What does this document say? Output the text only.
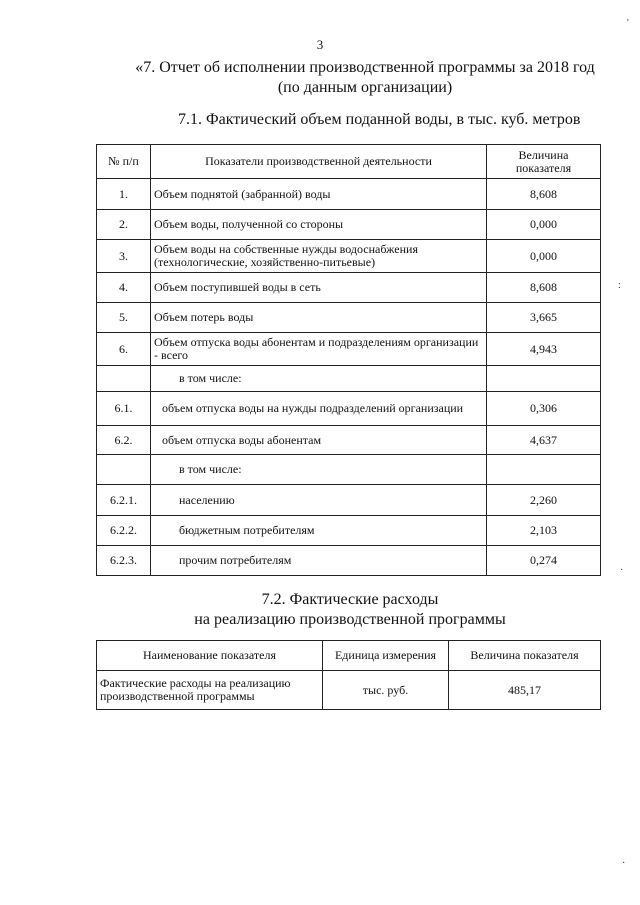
3
«7. Отчет об исполнении производственной программы за 2018 год
(по данным организации)
7.1. Фактический объем поданной воды, в тыс. куб. метров
№ п/п	Показатели производственной деятельности	Величина показателя
1.	Объем поднятой (забранной) воды	8,608
2.	Объем воды, полученной со стороны	0,000
3.	Объем воды на собственные нужды водоснабжения (технологические, хозяйственно-питьевые)	0,000
4.	Объем поступившей воды в сеть	8,608
5.	Объем потерь воды	3,665
6.	Объем отпуска воды абонентам и подразделениям организации - всего	4,943
	в том числе:	
6.1.	объем отпуска воды на нужды подразделений организации	0,306
6.2.	объем отпуска воды абонентам	4,637
	в том числе:	
6.2.1.	населению	2,260
6.2.2.	бюджетным потребителям	2,103
6.2.3.	прочим потребителям	0,274
7.2. Фактические расходы
на реализацию производственной программы
Наименование показателя	Единица измерения	Величина показателя
Фактические расходы на реализацию производственной программы	тыс. руб.	485,17
'
:
·
·
